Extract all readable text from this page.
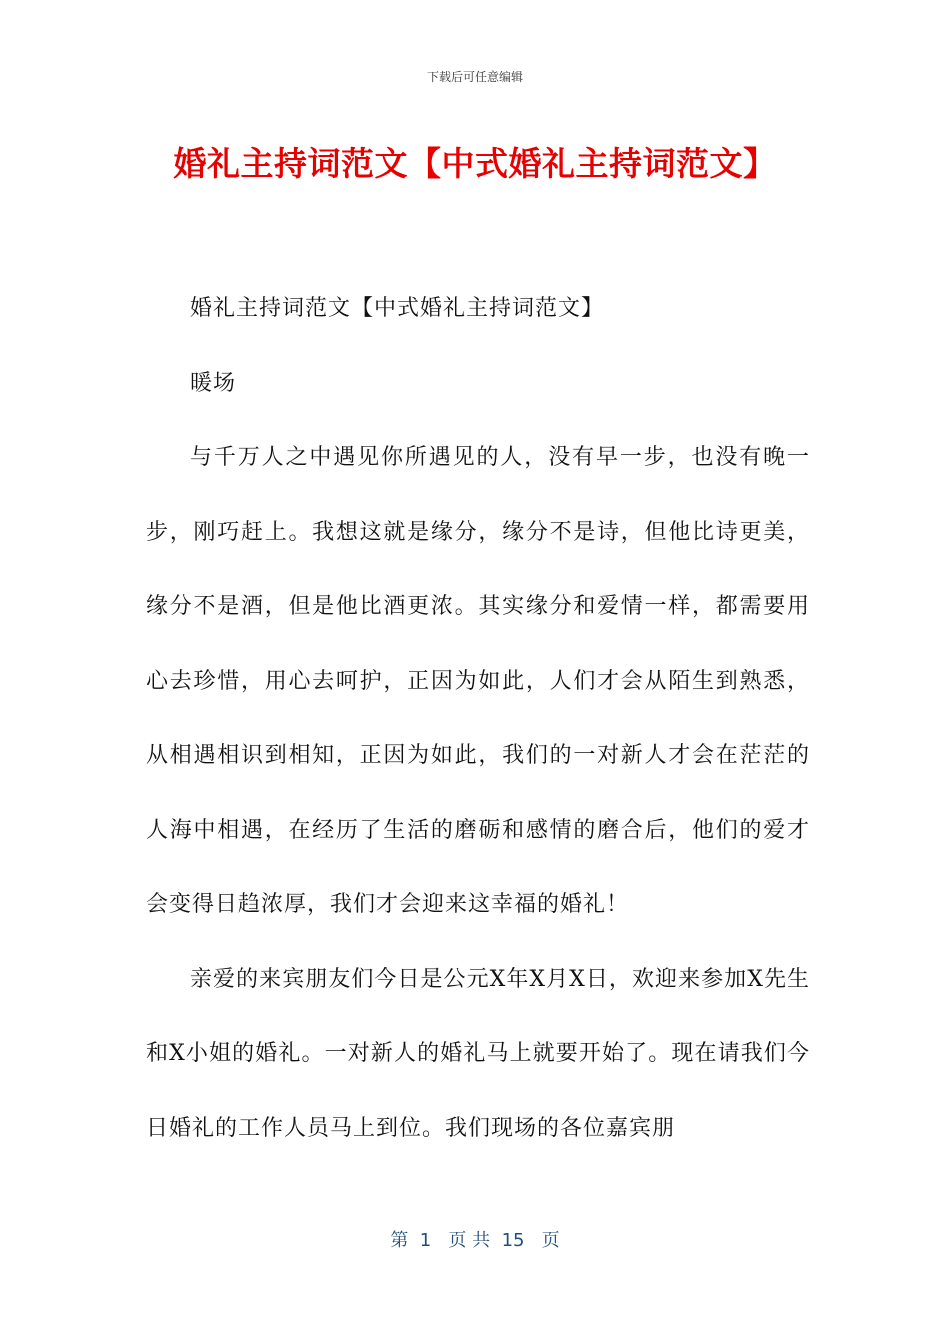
下载后可任意编辑
婚礼主持词范文【中式婚礼主持词范文】

婚礼主持词范文【中式婚礼主持词范文】

暖场

与千万人之中遇见你所遇见的人，没有早一步，也没有晚一步，刚巧赶上。我想这就是缘分，缘分不是诗，但他比诗更美，缘分不是酒，但是他比酒更浓。其实缘分和爱情一样，都需要用心去珍惜，用心去呵护，正因为如此，人们才会从陌生到熟悉，从相遇相识到相知，正因为如此，我们的一对新人才会在茫茫的人海中相遇，在经历了生活的磨砺和感情的磨合后，他们的爱才会变得日趋浓厚，我们才会迎来这幸福的婚礼！

亲爱的来宾朋友们今日是公元X年X月X日，欢迎来参加X先生和X小姐的婚礼。一对新人的婚礼马上就要开始了。现在请我们今日婚礼的工作人员马上到位。我们现场的各位嘉宾朋

第  1   页 共  15   页
